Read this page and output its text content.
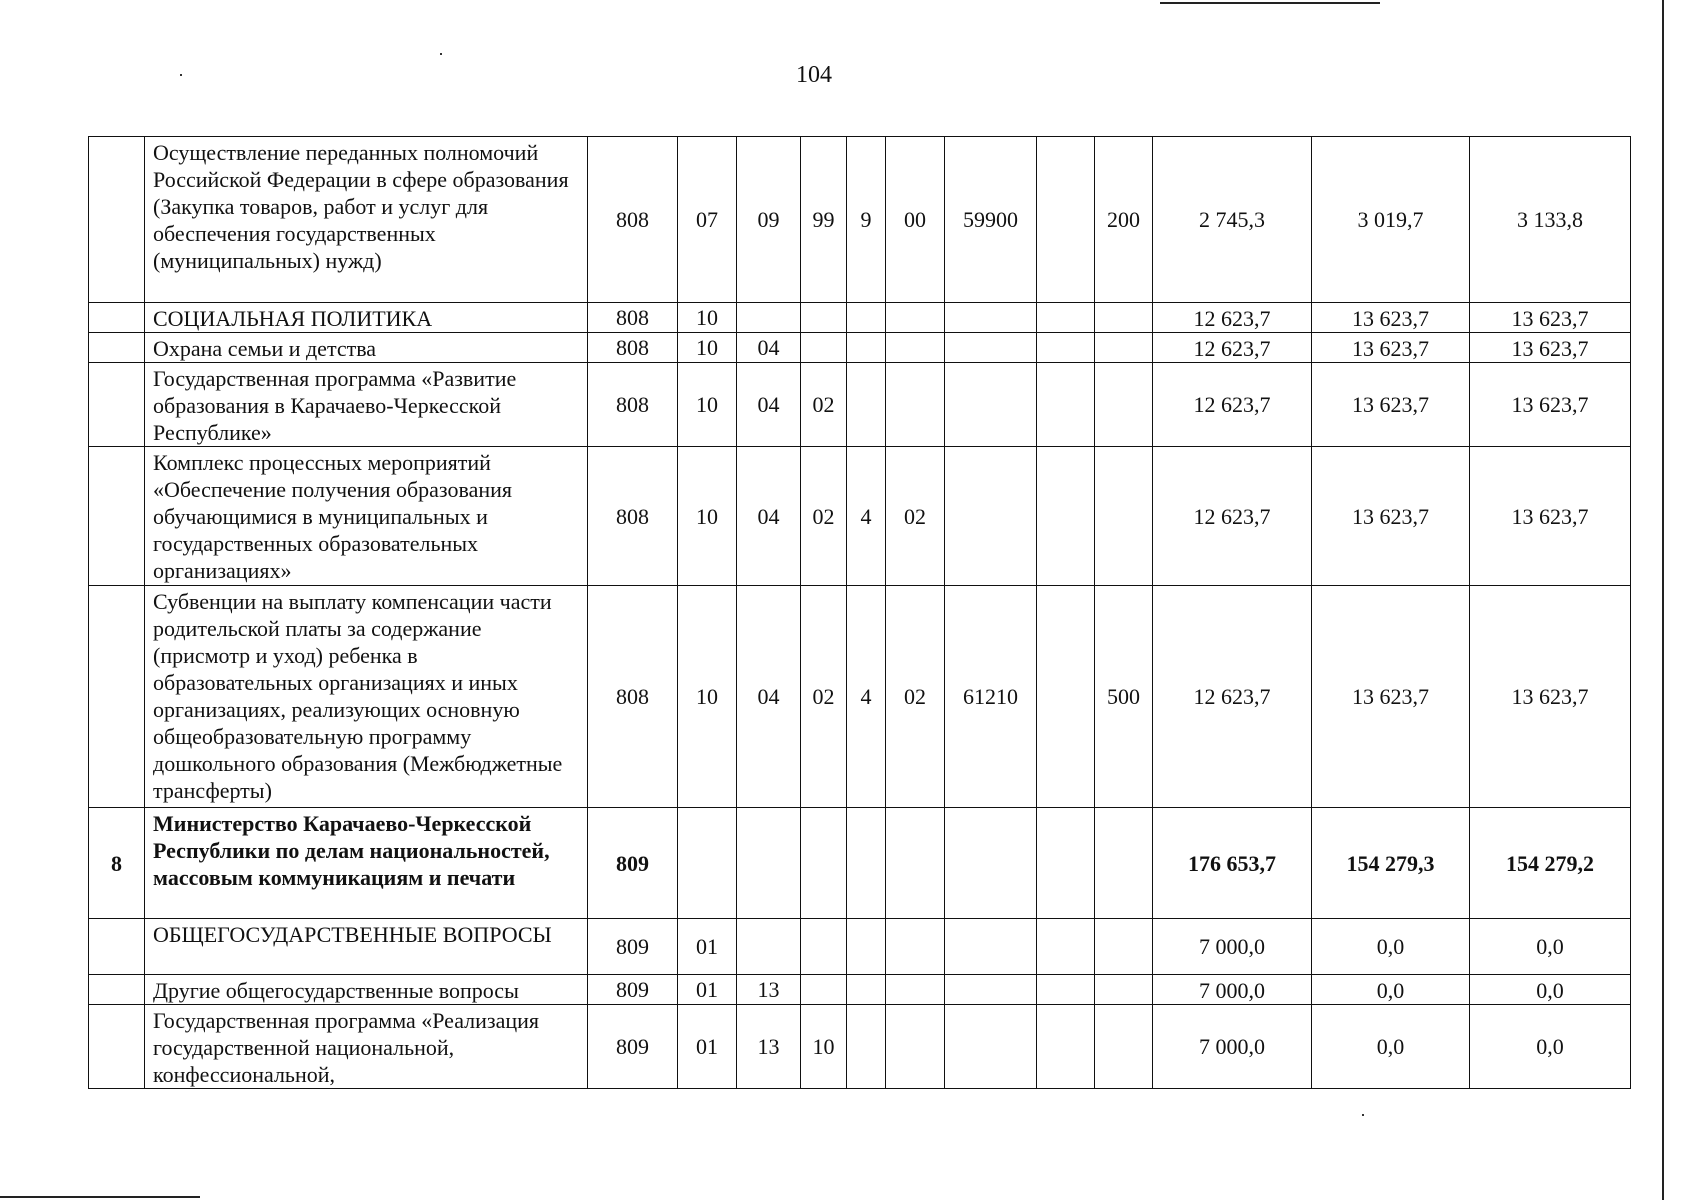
104
	Осуществление переданных полномочий Российской Федерации в сфере образования (Закупка товаров, работ и услуг для обеспечения государственных (муниципальных) нужд)	808	07	09	99	9	00	59900		200	2 745,3	3 019,7	3 133,8
	СОЦИАЛЬНАЯ ПОЛИТИКА	808	10								12 623,7	13 623,7	13 623,7
	Охрана семьи и детства	808	10	04							12 623,7	13 623,7	13 623,7
	Государственная программа «Развитие образования в Карачаево-Черкесской Республике»	808	10	04	02						12 623,7	13 623,7	13 623,7
	Комплекс процессных мероприятий «Обеспечение получения образования обучающимися в муниципальных и государственных образовательных организациях»	808	10	04	02	4	02				12 623,7	13 623,7	13 623,7
	Субвенции на выплату компенсации части родительской платы за содержание (присмотр и уход) ребенка в образовательных организациях и иных организациях, реализующих основную общеобразовательную программу дошкольного образования (Межбюджетные трансферты)	808	10	04	02	4	02	61210		500	12 623,7	13 623,7	13 623,7
8	Министерство Карачаево-Черкесской Республики по делам национальностей, массовым коммуникациям и печати	809									176 653,7	154 279,3	154 279,2
	ОБЩЕГОСУДАРСТВЕННЫЕ ВОПРОСЫ	809	01								7 000,0	0,0	0,0
	Другие общегосударственные вопросы	809	01	13							7 000,0	0,0	0,0
	Государственная программа «Реализация государственной национальной, конфессиональной,	809	01	13	10						7 000,0	0,0	0,0
